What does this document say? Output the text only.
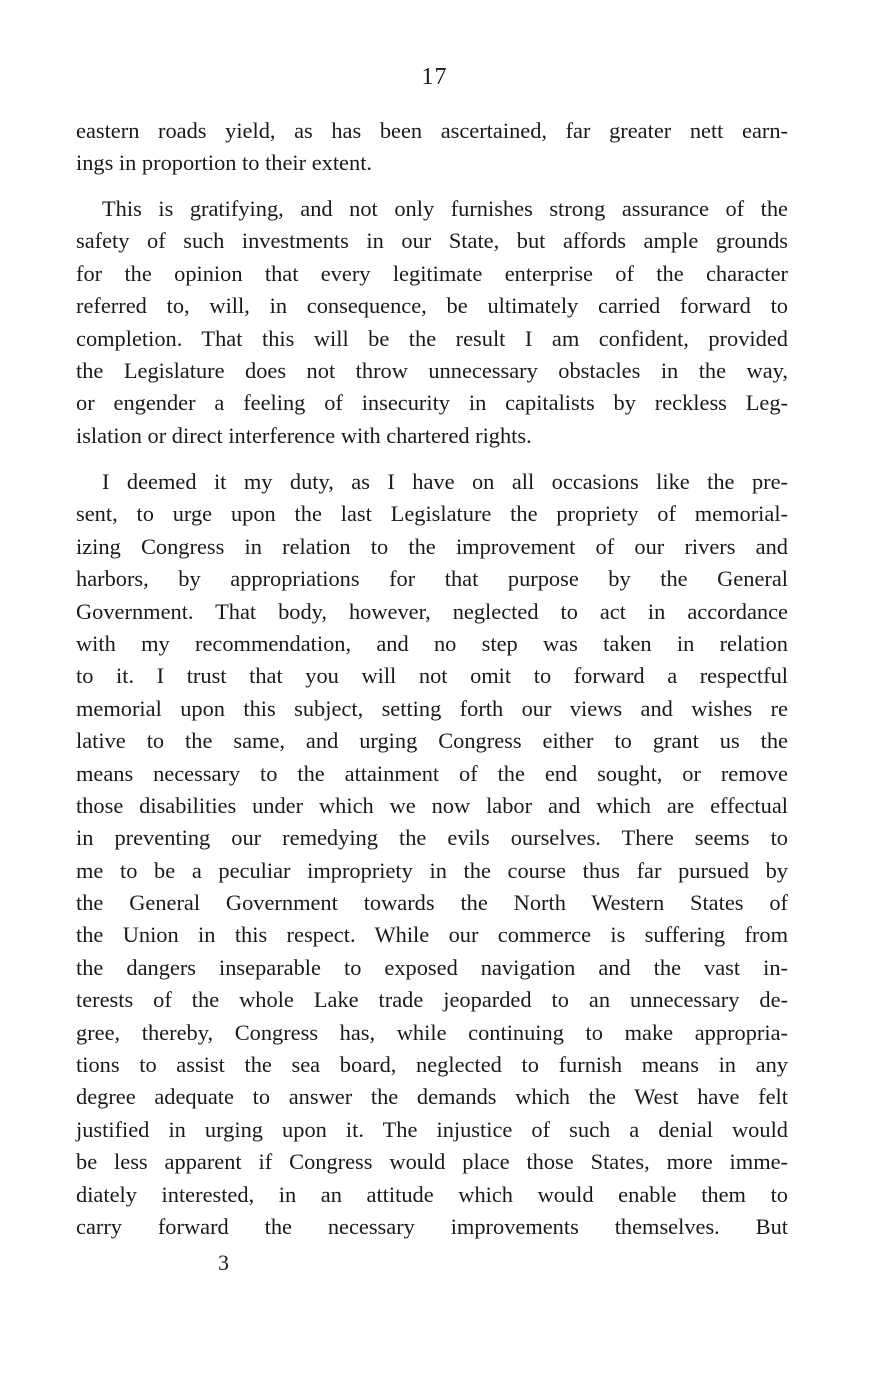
17
eastern roads yield, as has been ascertained, far greater nett earn-
ings in proportion to their extent.
This is gratifying, and not only furnishes strong assurance of the
safety of such investments in our State, but affords ample grounds
for the opinion that every legitimate enterprise of the character
referred to, will, in consequence, be ultimately carried forward to
completion. That this will be the result I am confident, provided
the Legislature does not throw unnecessary obstacles in the way,
or engender a feeling of insecurity in capitalists by reckless Leg-
islation or direct interference with chartered rights.
I deemed it my duty, as I have on all occasions like the pre-
sent, to urge upon the last Legislature the propriety of memorial-
izing Congress in relation to the improvement of our rivers and
harbors, by appropriations for that purpose by the General
Government. That body, however, neglected to act in accordance
with my recommendation, and no step was taken in relation
to it. I trust that you will not omit to forward a respectful
memorial upon this subject, setting forth our views and wishes re
lative to the same, and urging Congress either to grant us the
means necessary to the attainment of the end sought, or remove
those disabilities under which we now labor and which are effectual
in preventing our remedying the evils ourselves. There seems to
me to be a peculiar impropriety in the course thus far pursued by
the General Government towards the North Western States of
the Union in this respect. While our commerce is suffering from
the dangers inseparable to exposed navigation and the vast in-
terests of the whole Lake trade jeoparded to an unnecessary de-
gree, thereby, Congress has, while continuing to make appropria-
tions to assist the sea board, neglected to furnish means in any
degree adequate to answer the demands which the West have felt
justified in urging upon it. The injustice of such a denial would
be less apparent if Congress would place those States, more imme-
diately interested, in an attitude which would enable them to
carry forward the necessary improvements themselves. But
3
